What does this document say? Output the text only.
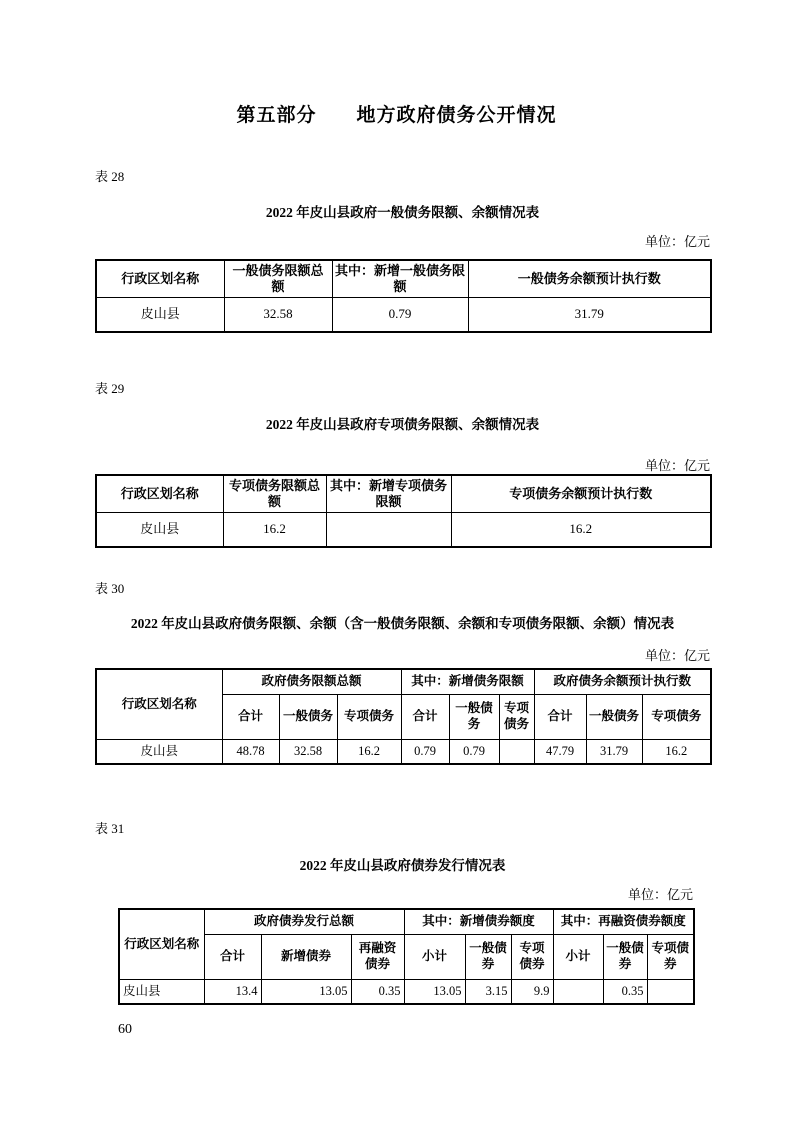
第五部分　　地方政府债务公开情况
表 28
2022 年皮山县政府一般债务限额、余额情况表
单位：亿元
行政区划名称	一般债务限额总额	其中：新增一般债务限额	一般债务余额预计执行数
皮山县	32.58	0.79	31.79
表 29
2022 年皮山县政府专项债务限额、余额情况表
单位：亿元
行政区划名称	专项债务限额总额	其中：新增专项债务限额	专项债务余额预计执行数
皮山县	16.2		16.2
表 30
2022 年皮山县政府债务限额、余额（含一般债务限额、余额和专项债务限额、余额）情况表
单位：亿元
行政区划名称	政府债务限额总额			其中：新增债务限额			政府债务余额预计执行数		
	合计	一般债务	专项债务	合计	一般债务	专项债务	合计	一般债务	专项债务
皮山县	48.78	32.58	16.2	0.79	0.79		47.79	31.79	16.2
表 31
2022 年皮山县政府债券发行情况表
单位：亿元
行政区划名称	政府债券发行总额			其中：新增债券额度			其中：再融资债券额度		
	合计	新增债券	再融资债券	小计	一般债券	专项债券	小计	一般债券	专项债券
皮山县	13.4	13.05	0.35	13.05	3.15	9.9		0.35	
60
